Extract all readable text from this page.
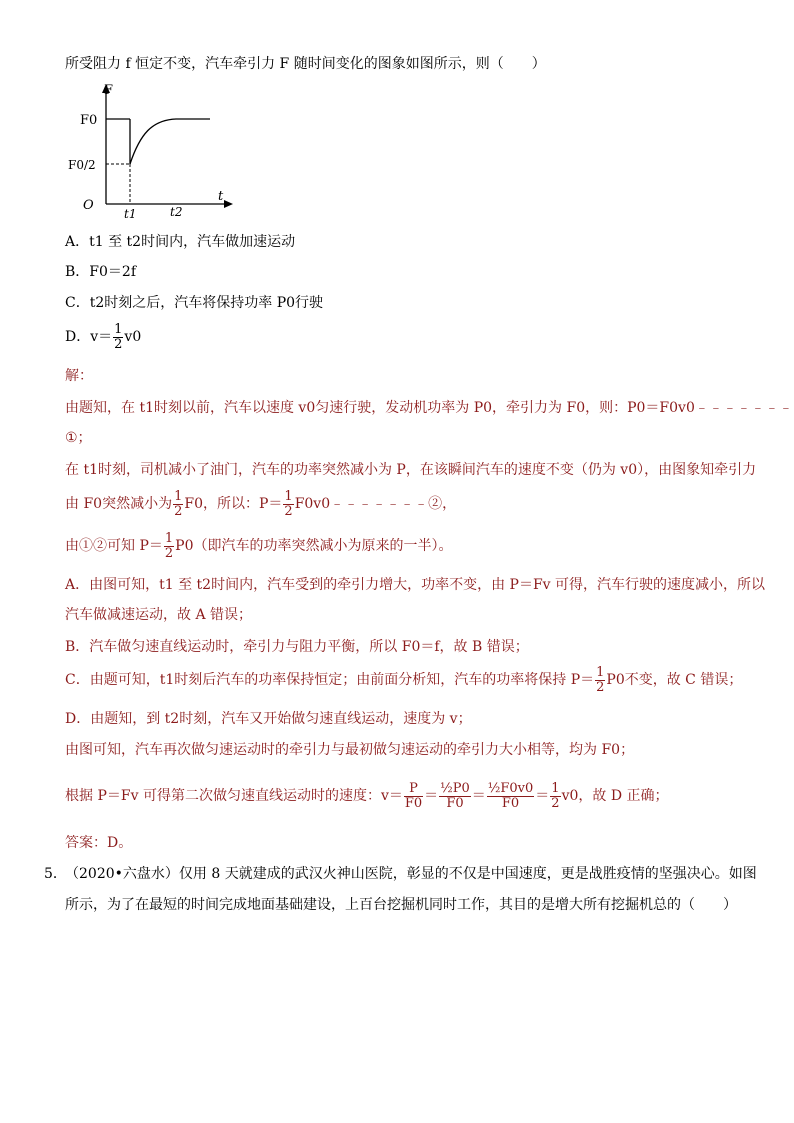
所受阻力 f 恒定不变，汽车牵引力 F 随时间变化的图象如图所示，则（　　）
F
F0
F0/2
O
t
t1	t2
A．t1 至 t2时间内，汽车做加速运动
B．F0＝2f
C．t2时刻之后，汽车将保持功率 P0行驶
D．$v= \frac{1}{2} v0$
解：
由题知，在 t1时刻以前，汽车以速度 v0匀速行驶，发动机功率为 P0，牵引力为 F0，则：P0＝F0v0﹣﹣﹣﹣﹣﹣﹣
①；
在 t1时刻，司机减小了油门，汽车的功率突然减小为 P，在该瞬间汽车的速度不变（仍为 v0），由图象知牵引力
由 F0突然减小为 $\frac{1}{2} F0$，所以：$P= \frac{1}{2}$ F0v0﹣﹣﹣﹣﹣﹣﹣②，
由①②可知 $P= \frac{1}{2} P0$（即汽车的功率突然减小为原来的一半）。
A．由图可知，t1 至 t2时间内，汽车受到的牵引力增大，功率不变，由 P＝Fv 可得，汽车行驶的速度减小，所以
汽车做减速运动，故 A 错误；
B．汽车做匀速直线运动时，牵引力与阻力平衡，所以 F0＝f，故 B 错误；
C．由题可知，t1时刻后汽车的功率保持恒定；由前面分析知，汽车的功率将保持 $P= \frac{1}{2} P0$不变，故 C 错误；
D．由题知，到 t2时刻，汽车又开始做匀速直线运动，速度为 v；
由图可知，汽车再次做匀速运动时的牵引力与最初做匀速运动的牵引力大小相等，均为 F0；
根据 P＝Fv 可得第二次做匀速直线运动时的速度：$v= \frac{P}{F0} = \frac{\text{½P0}}{F0} = \frac{\text{½F0v0}}{F0} = \frac{1}{2} v0$，故 D 正确；
答案：D。
5．
（2020•六盘水）仅用 8 天就建成的武汉火神山医院，彰显的不仅是中国速度，更是战胜疫情的坚强决心。如图
所示，为了在最短的时间完成地面基础建设，上百台挖掘机同时工作，其目的是增大所有挖掘机总的（　　）
